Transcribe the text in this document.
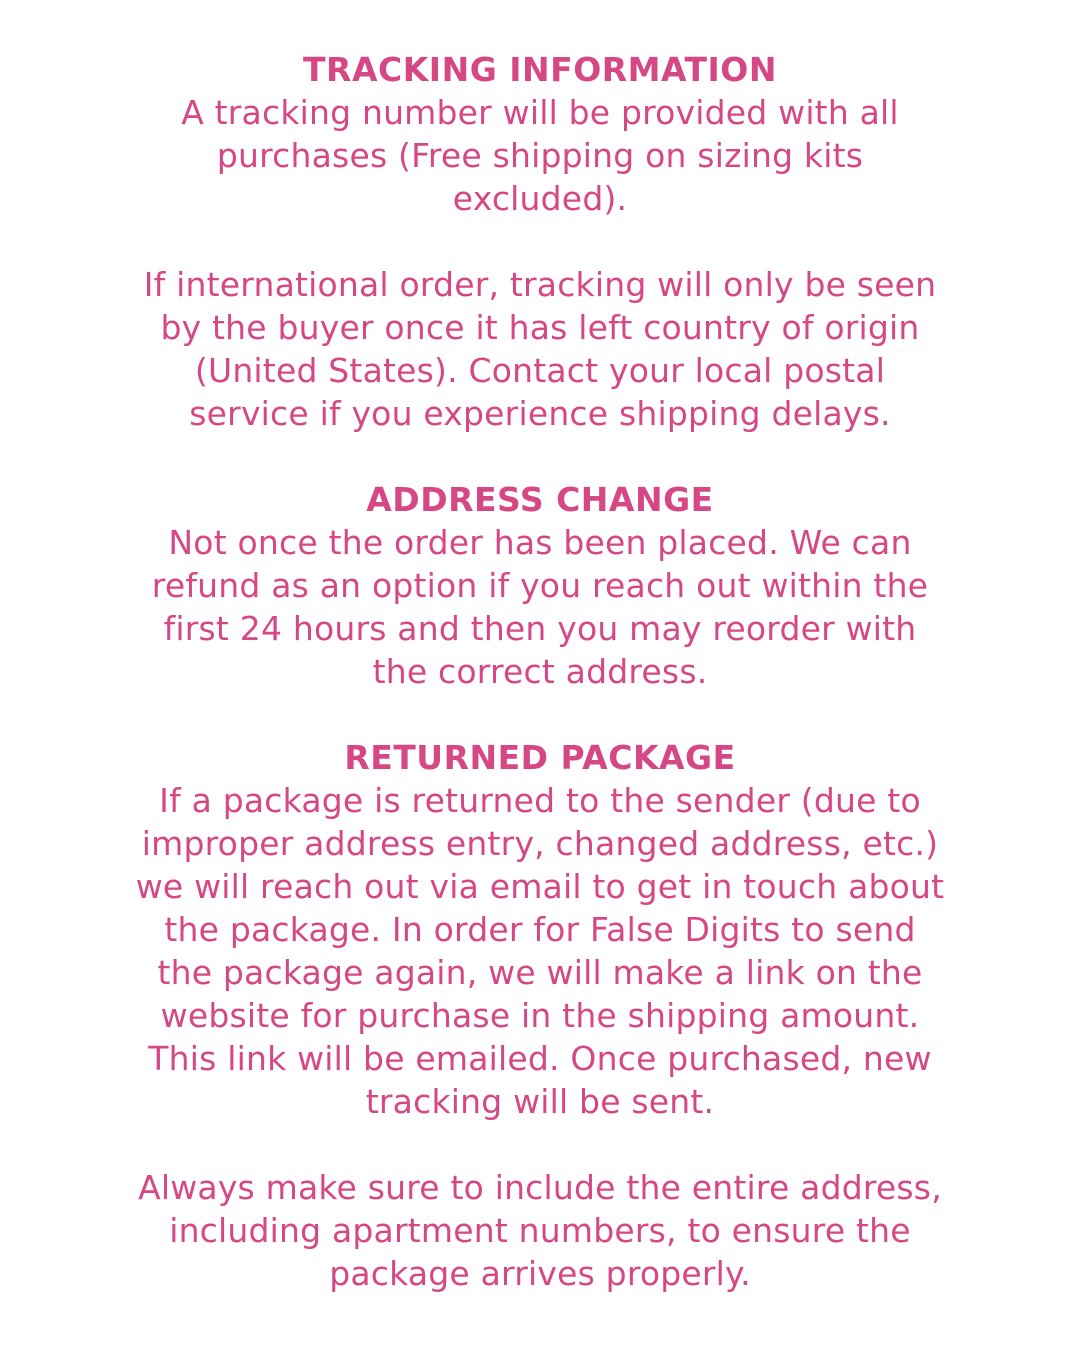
TRACKING INFORMATION

A tracking number will be provided with all
purchases (Free shipping on sizing kits
excluded).

If international order, tracking will only be seen
by the buyer once it has left country of origin
(United States). Contact your local postal
service if you experience shipping delays.

ADDRESS CHANGE

Not once the order has been placed. We can
refund as an option if you reach out within the
first 24 hours and then you may reorder with
the correct address.

RETURNED PACKAGE

If a package is returned to the sender (due to
improper address entry, changed address, etc.)
we will reach out via email to get in touch about
the package. In order for False Digits to send
the package again, we will make a link on the
website for purchase in the shipping amount.
This link will be emailed. Once purchased, new
tracking will be sent.

Always make sure to include the entire address,
including apartment numbers, to ensure the
package arrives properly.
